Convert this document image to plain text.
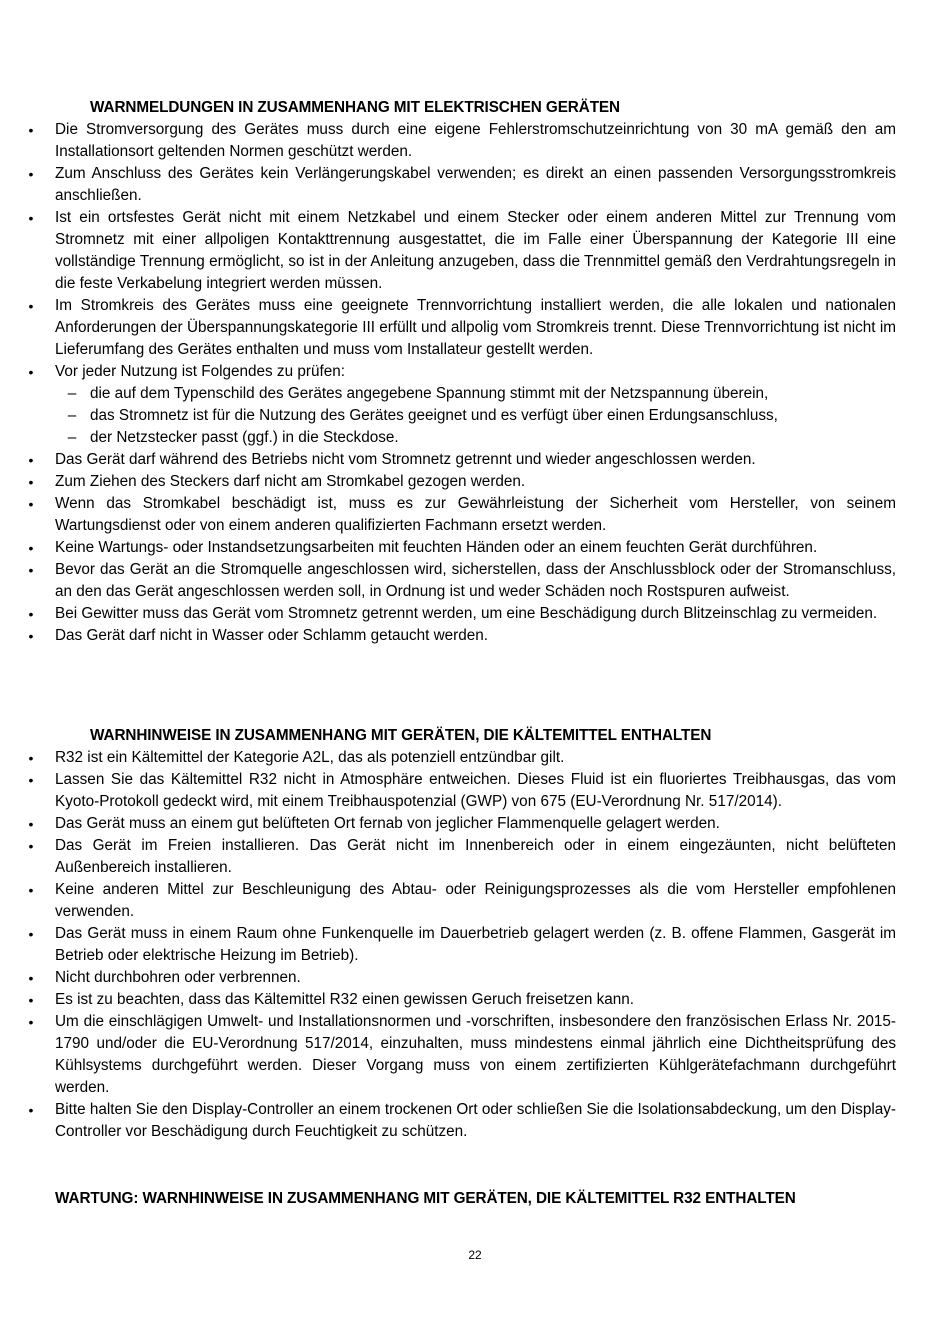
WARNMELDUNGEN IN ZUSAMMENHANG MIT ELEKTRISCHEN GERÄTEN
• Die Stromversorgung des Gerätes muss durch eine eigene Fehlerstromschutzeinrichtung von 30 mA gemäß den am Installationsort geltenden Normen geschützt werden.
• Zum Anschluss des Gerätes kein Verlängerungskabel verwenden; es direkt an einen passenden Versorgungsstromkreis anschließen.
• Ist ein ortsfestes Gerät nicht mit einem Netzkabel und einem Stecker oder einem anderen Mittel zur Trennung vom Stromnetz mit einer allpoligen Kontakttrennung ausgestattet, die im Falle einer Überspannung der Kategorie III eine vollständige Trennung ermöglicht, so ist in der Anleitung anzugeben, dass die Trennmittel gemäß den Verdrahtungsregeln in die feste Verkabelung integriert werden müssen.
• Im Stromkreis des Gerätes muss eine geeignete Trennvorrichtung installiert werden, die alle lokalen und nationalen Anforderungen der Überspannungskategorie III erfüllt und allpolig vom Stromkreis trennt. Diese Trennvorrichtung ist nicht im Lieferumfang des Gerätes enthalten und muss vom Installateur gestellt werden.
• Vor jeder Nutzung ist Folgendes zu prüfen:
– die auf dem Typenschild des Gerätes angegebene Spannung stimmt mit der Netzspannung überein,
– das Stromnetz ist für die Nutzung des Gerätes geeignet und es verfügt über einen Erdungsanschluss,
– der Netzstecker passt (ggf.) in die Steckdose.
• Das Gerät darf während des Betriebs nicht vom Stromnetz getrennt und wieder angeschlossen werden.
• Zum Ziehen des Steckers darf nicht am Stromkabel gezogen werden.
• Wenn das Stromkabel beschädigt ist, muss es zur Gewährleistung der Sicherheit vom Hersteller, von seinem Wartungsdienst oder von einem anderen qualifizierten Fachmann ersetzt werden.
• Keine Wartungs- oder Instandsetzungsarbeiten mit feuchten Händen oder an einem feuchten Gerät durchführen.
• Bevor das Gerät an die Stromquelle angeschlossen wird, sicherstellen, dass der Anschlussblock oder der Stromanschluss, an den das Gerät angeschlossen werden soll, in Ordnung ist und weder Schäden noch Rostspuren aufweist.
• Bei Gewitter muss das Gerät vom Stromnetz getrennt werden, um eine Beschädigung durch Blitzeinschlag zu vermeiden.
• Das Gerät darf nicht in Wasser oder Schlamm getaucht werden.
WARNHINWEISE IN ZUSAMMENHANG MIT GERÄTEN, DIE KÄLTEMITTEL ENTHALTEN
• R32 ist ein Kältemittel der Kategorie A2L, das als potenziell entzündbar gilt.
• Lassen Sie das Kältemittel R32 nicht in Atmosphäre entweichen. Dieses Fluid ist ein fluoriertes Treibhausgas, das vom Kyoto-Protokoll gedeckt wird, mit einem Treibhauspotenzial (GWP) von 675 (EU-Verordnung Nr. 517/2014).
• Das Gerät muss an einem gut belüfteten Ort fernab von jeglicher Flammenquelle gelagert werden.
• Das Gerät im Freien installieren. Das Gerät nicht im Innenbereich oder in einem eingezäunten, nicht belüfteten Außenbereich installieren.
• Keine anderen Mittel zur Beschleunigung des Abtau- oder Reinigungsprozesses als die vom Hersteller empfohlenen verwenden.
• Das Gerät muss in einem Raum ohne Funkenquelle im Dauerbetrieb gelagert werden (z. B. offene Flammen, Gasgerät im Betrieb oder elektrische Heizung im Betrieb).
• Nicht durchbohren oder verbrennen.
• Es ist zu beachten, dass das Kältemittel R32 einen gewissen Geruch freisetzen kann.
• Um die einschlägigen Umwelt- und Installationsnormen und -vorschriften, insbesondere den französischen Erlass Nr. 2015-1790 und/oder die EU-Verordnung 517/2014, einzuhalten, muss mindestens einmal jährlich eine Dichtheitsprüfung des Kühlsystems durchgeführt werden. Dieser Vorgang muss von einem zertifizierten Kühlgerätefachmann durchgeführt werden.
• Bitte halten Sie den Display-Controller an einem trockenen Ort oder schließen Sie die Isolationsabdeckung, um den Display-Controller vor Beschädigung durch Feuchtigkeit zu schützen.
WARTUNG: WARNHINWEISE IN ZUSAMMENHANG MIT GERÄTEN, DIE KÄLTEMITTEL R32 ENTHALTEN
22
